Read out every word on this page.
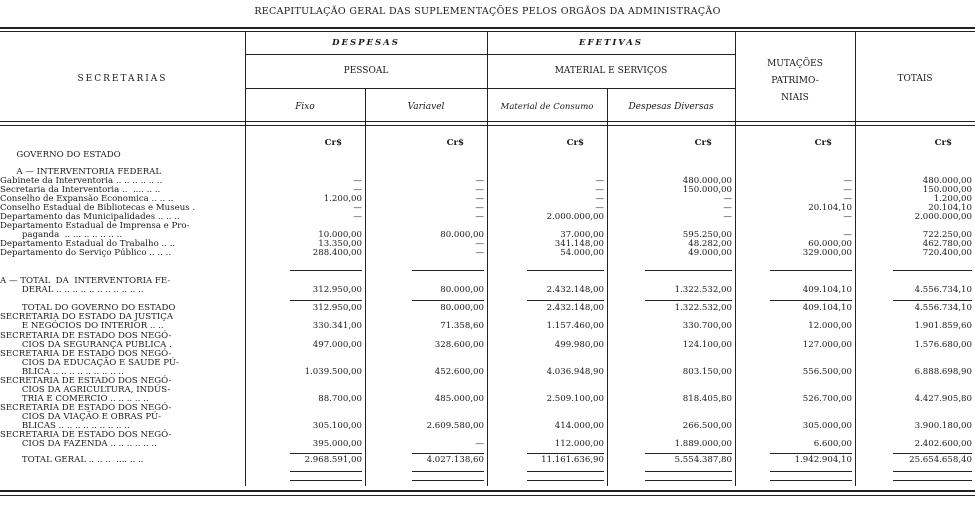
RECAPITULAÇÃO GERAL DAS SUPLEMENTAÇÕES PELOS ORGÃOS DA ADMINISTRAÇÃO
DESPESAS	EFETIVAS
SECRETARIAS
PESSOAL	MATERIAL E SERVIÇOS
MUTAÇÕES
PATRIMO-
NIAIS
TOTAIS
Fixo	Variavel	Material de Consumo	Despesas Diversas
Cr$	Cr$	Cr$	Cr$	Cr$	Cr$
GOVERNO DO ESTADO
A — INTERVENTORIA FEDERAL
Gabinete da Interventoria .. .. .. .. .. ..	—	—	—	480.000,00	—	480.000,00
Secretaria da Interventoria ..  .... .. ..	—	—	—	150.000,00	—	150.000,00
Conselho de Expansão Economica .. .. ..	1.200,00	—	—	—	—	1.200,00
Conselho Estadual de Bibliotecas e Museus .	—	—	—	—	20.104,10	20.104,10
Departamento das Municipalidades .. .. ..	—	—	2.000.000,00	—	—	2.000.000,00
Departamento Estadual de Imprensa e Pro-
paganda  .. ... .. .. .. .. ..	10.000,00	80.000,00	37.000,00	595.250,00	—	722.250,00
Departamento Estadual do Trabalho .. ..	13.350,00	—	341.148,00	48.282,00	60.000,00	462.780,00
Departamento do Serviço Público .. .. ..	288.400,00	—	54.000,00	49.000,00	329.000,00	720.400,00
A — TOTAL  DA  INTERVENTORIA FE-
DERAL .. .. .. .. .. .. .. .. .. .. ..	312.950,00	80.000,00	2.432.148,00	1.322.532,00	409.104,10	4.556.734,10
TOTAL DO GOVERNO DO ESTADO	312.950,00	80.000,00	2.432.148,00	1.322.532,00	409.104,10	4.556.734,10
SECRETARIA DO ESTADO DA JUSTIÇA
E NEGÓCIOS DO INTERIOR .. ..	330.341,00	71.358,60	1.157.460,00	330.700,00	12.000,00	1.901.859,60
SECRETARIA DE ESTADO DOS NEGÓ-
CIOS DA SEGURANÇA PUBLICA .	497.000,00	328.600,00	499.980,00	124.100,00	127.000,00	1.576.680,00
SECRETARIA DE ESTADO DOS NEGÓ-
CIOS DA EDUCAÇÃO E SAUDE PÚ-
BLICA .. .. .. .. .. .. .. .. ..	1.039.500,00	452.600,00	4.036.948,90	803.150,00	556.500,00	6.888.698,90
SECRETARIA DE ESTADO DOS NEGÓ-
CIOS DA AGRICULTURA, INDÚS-
TRIA E COMERCIO .. .. .. .. ..	88.700,00	485.000,00	2.509.100,00	818.405,80	526.700,00	4.427.905,80
SECRETARIA DE ESTADO DOS NEGÓ-
CIOS DA VIAÇÃO E OBRAS PÚ-
BLICAS .. .. .. .. .. .. .. .. ..	305.100,00	2.609.580,00	414.000,00	266.500,00	305.000,00	3.900.180,00
SECRETARIA DE ESTADO DOS NEGÓ-
CIOS DA FAZENDA .. .. .. .. .. ..	395.000,00	—	112.000,00	1.889.000,00	6.600,00	2.402.600,00
TOTAL GERAL .. .. ..  .... .. ..	2.968.591,00	4.027.138,60	11.161.636,90	5.554.387,80	1.942.904,10	25.654.658,40
